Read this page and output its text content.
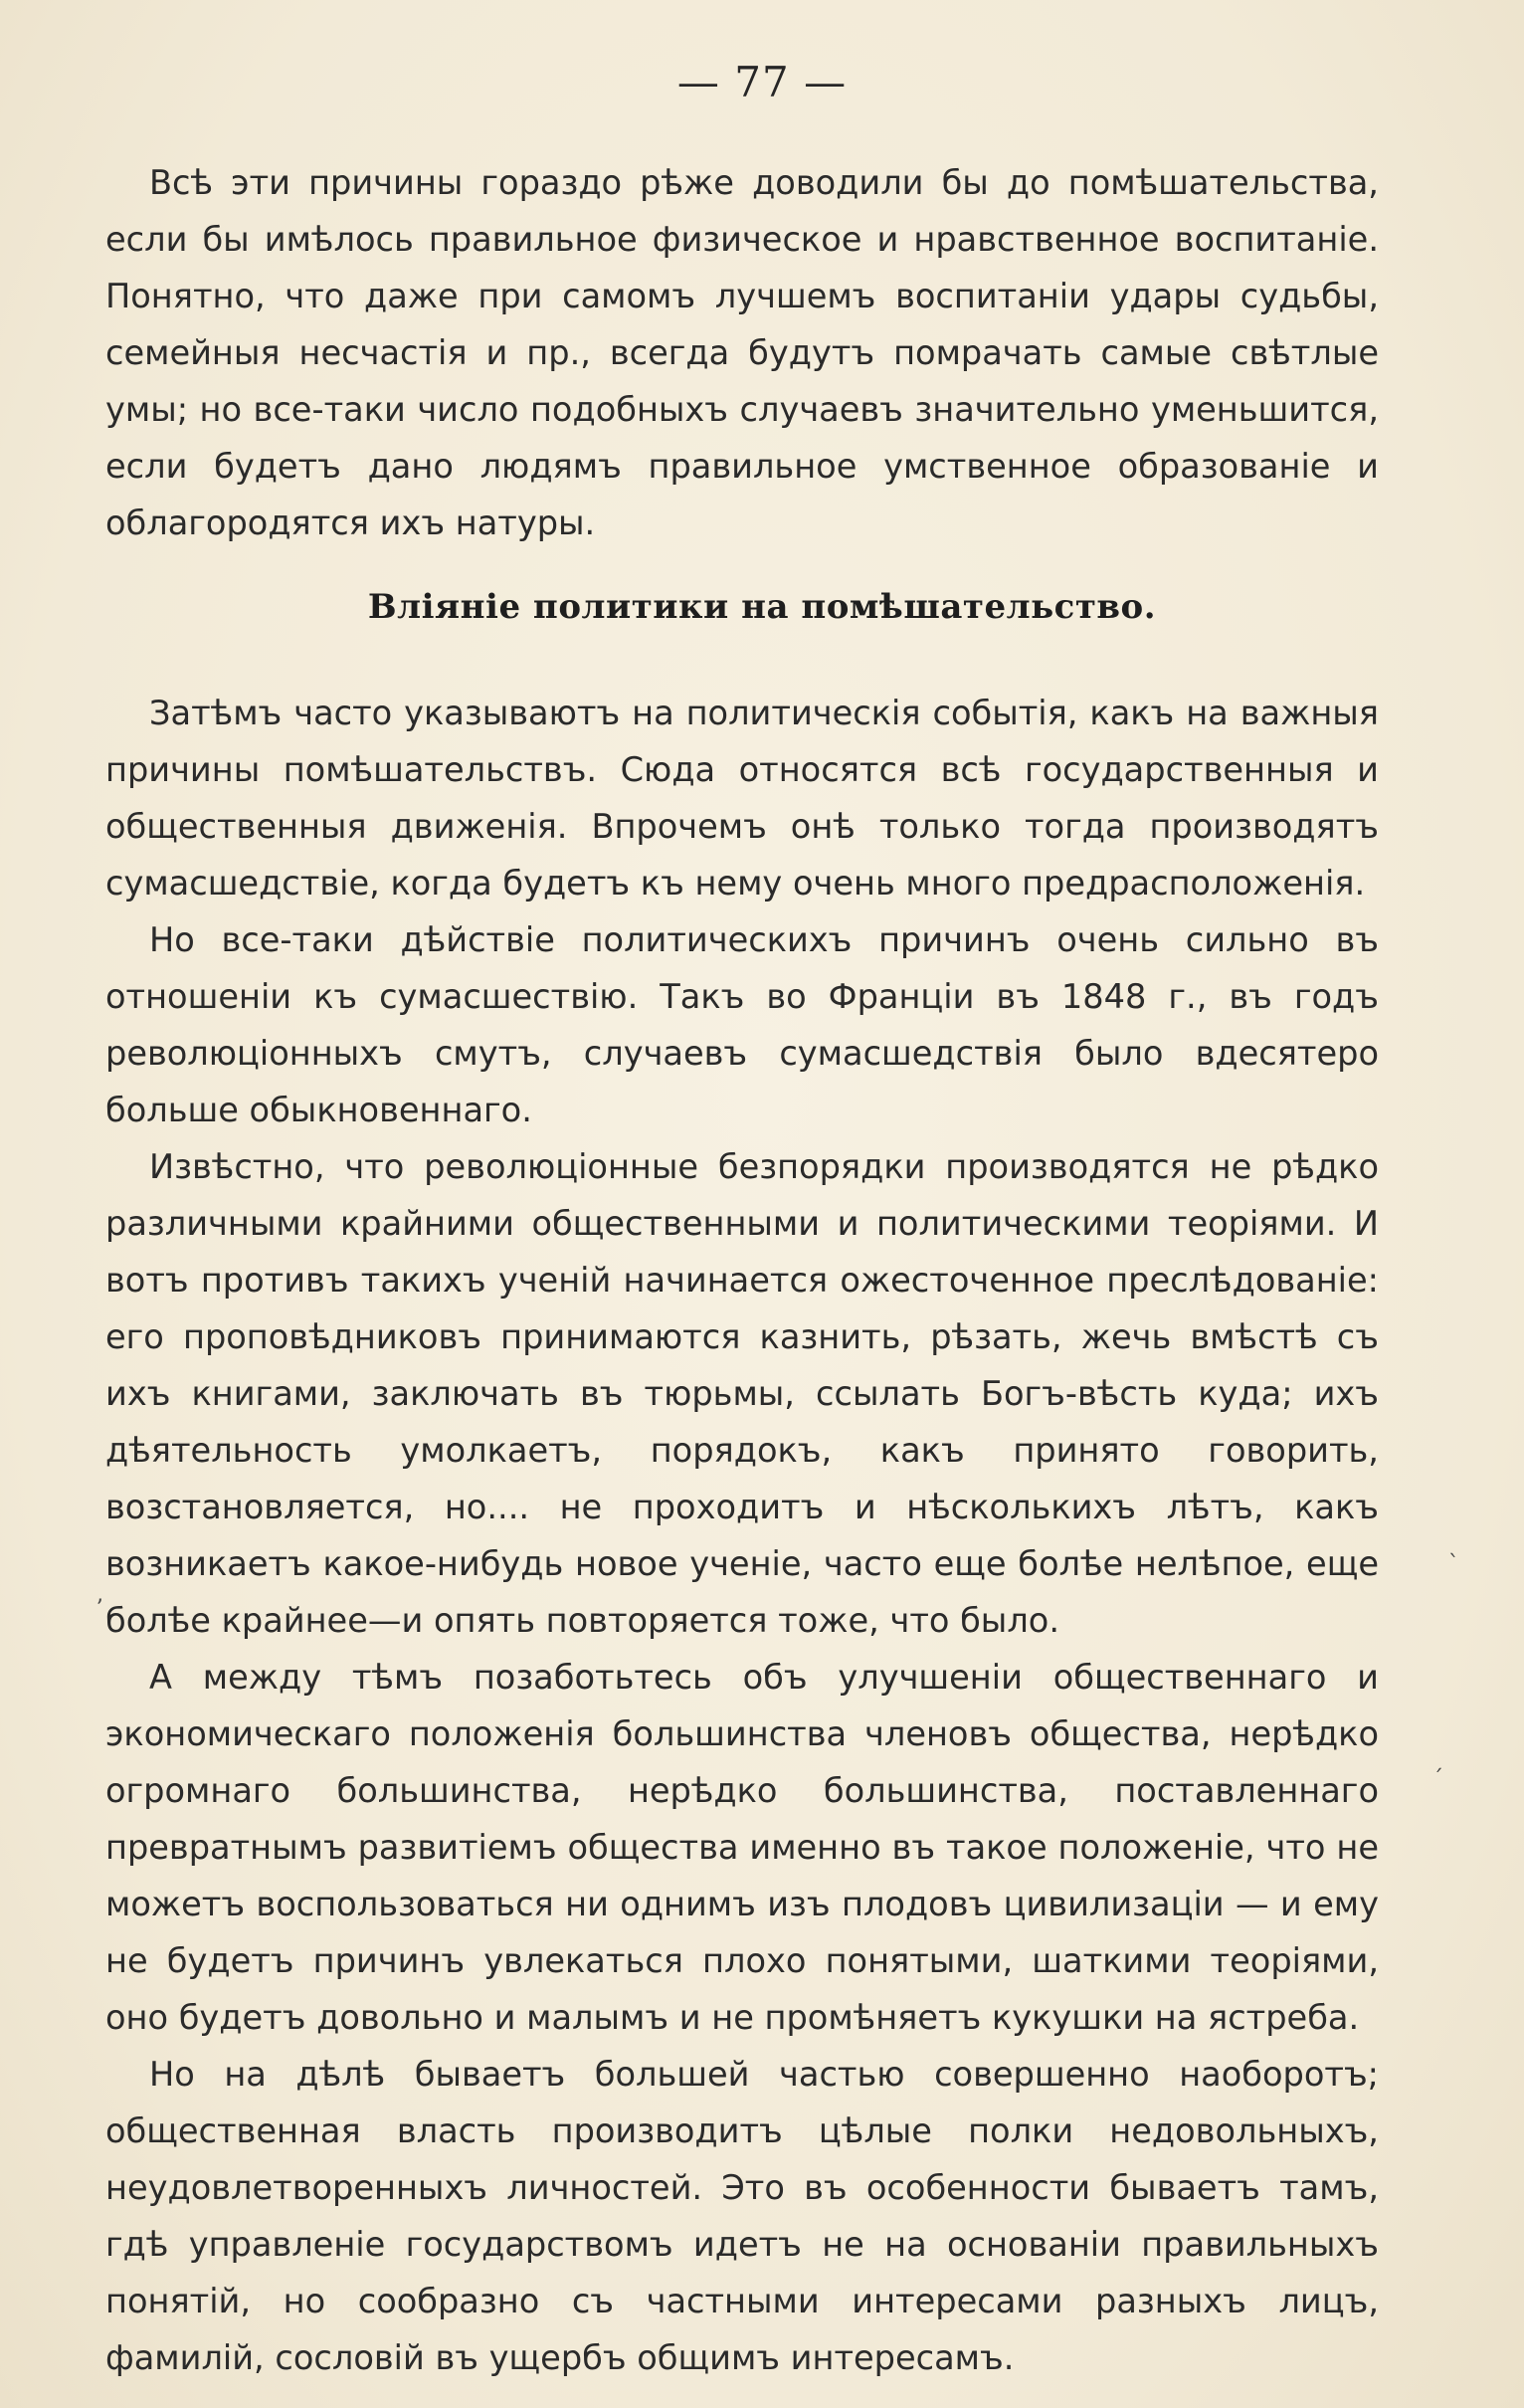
— 77 —

Всѣ эти причины гораздо рѣже доводили бы до помѣшательства, если бы имѣлось правильное физическое и нравственное воспитаніе. Понятно, что даже при самомъ лучшемъ воспитаніи удары судьбы, семейныя несчастія и пр., всегда будутъ помрачать самые свѣтлые умы; но все-таки число подобныхъ случаевъ значительно уменьшится, если будетъ дано людямъ правильное умственное образованіе и облагородятся ихъ натуры.

Вліяніе политики на помѣшательство.

Затѣмъ часто указываютъ на политическія событія, какъ на важныя причины помѣшательствъ. Сюда относятся всѣ государственныя и общественныя движенія. Впрочемъ онѣ только тогда производятъ сумасшедствіе, когда будетъ къ нему очень много предрасположенія.

Но все-таки дѣйствіе политическихъ причинъ очень сильно въ отношеніи къ сумасшествію. Такъ во Франціи въ 1848 г., въ годъ революціонныхъ смутъ, случаевъ сумасшедствія было вдесятеро больше обыкновеннаго.

Извѣстно, что революціонные безпорядки производятся не рѣдко различными крайними общественными и политическими теоріями. И вотъ противъ такихъ ученій начинается ожесточенное преслѣдованіе: его проповѣдниковъ принимаются казнить, рѣзать, жечь вмѣстѣ съ ихъ книгами, заключать въ тюрьмы, ссылать Богъ-вѣсть куда; ихъ дѣятельность умолкаетъ, порядокъ, какъ принято говорить, возстановляется, но.... не проходитъ и нѣсколькихъ лѣтъ, какъ возникаетъ какое-нибудь новое ученіе, часто еще болѣе нелѣпое, еще болѣе крайнее—и опять повторяется тоже, что было.

А между тѣмъ позаботьтесь объ улучшеніи общественнаго и экономическаго положенія большинства членовъ общества, нерѣдко огромнаго большинства, нерѣдко большинства, поставленнаго превратнымъ развитіемъ общества именно въ такое положеніе, что не можетъ воспользоваться ни однимъ изъ плодовъ цивилизаціи — и ему не будетъ причинъ увлекаться плохо понятыми, шаткими теоріями, оно будетъ довольно и малымъ и не промѣняетъ кукушки на ястреба.

Но на дѣлѣ бываетъ большей частью совершенно наоборотъ; общественная власть производитъ цѣлые полки недовольныхъ, неудовлетворенныхъ личностей. Это въ особенности бываетъ тамъ, гдѣ управленіе государствомъ идетъ не на основаніи правильныхъ понятій, но сообразно съ частными интересами разныхъ лицъ, фамилій, сословій въ ущербъ общимъ интересамъ.

ʼ
ˋ
ˊ
